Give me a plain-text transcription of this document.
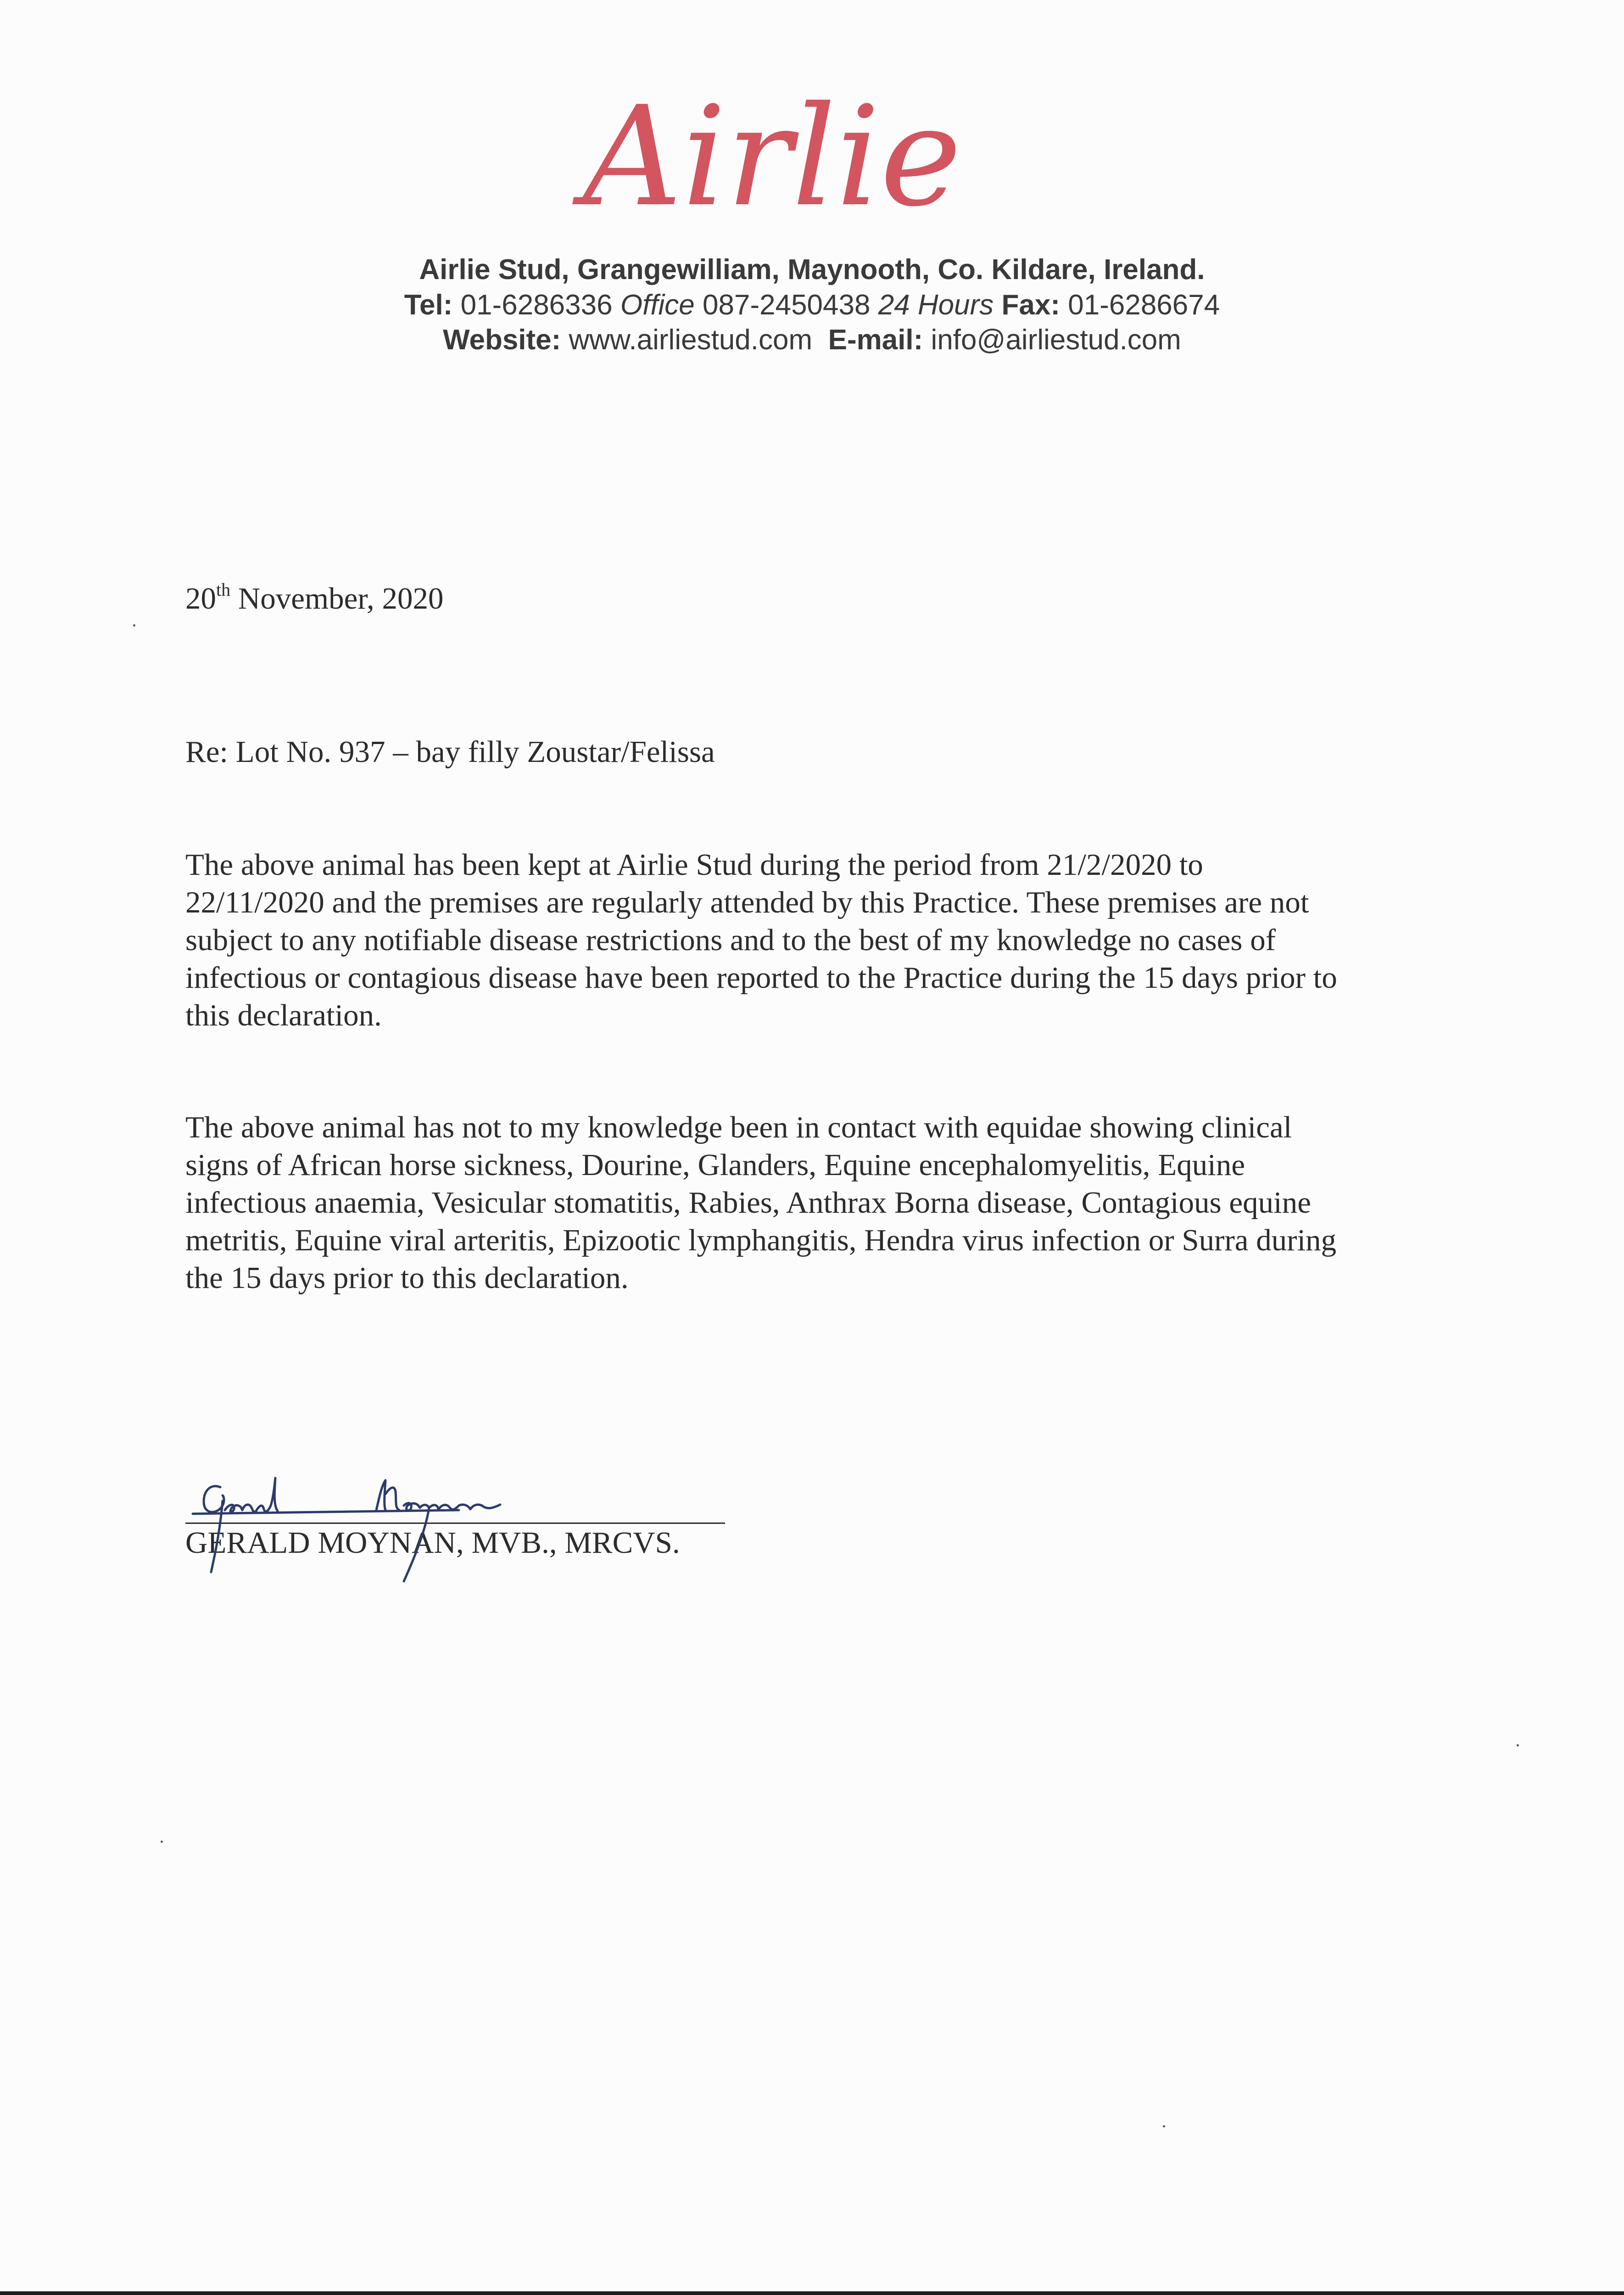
Airlie
Airlie Stud, Grangewilliam, Maynooth, Co. Kildare, Ireland.
Tel: 01-6286336 Office 087-2450438 24 Hours Fax: 01-6286674
Website: www.airliestud.com E-mail: info@airliestud.com
20th November, 2020
Re: Lot No. 937 – bay filly Zoustar/Felissa
The above animal has been kept at Airlie Stud during the period from 21/2/2020 to
22/11/2020 and the premises are regularly attended by this Practice. These premises are not
subject to any notifiable disease restrictions and to the best of my knowledge no cases of
infectious or contagious disease have been reported to the Practice during the 15 days prior to
this declaration.
The above animal has not to my knowledge been in contact with equidae showing clinical
signs of African horse sickness, Dourine, Glanders, Equine encephalomyelitis, Equine
infectious anaemia, Vesicular stomatitis, Rabies, Anthrax Borna disease, Contagious equine
metritis, Equine viral arteritis, Epizootic lymphangitis, Hendra virus infection or Surra during
the 15 days prior to this declaration.
GERALD MOYNAN, MVB., MRCVS.
